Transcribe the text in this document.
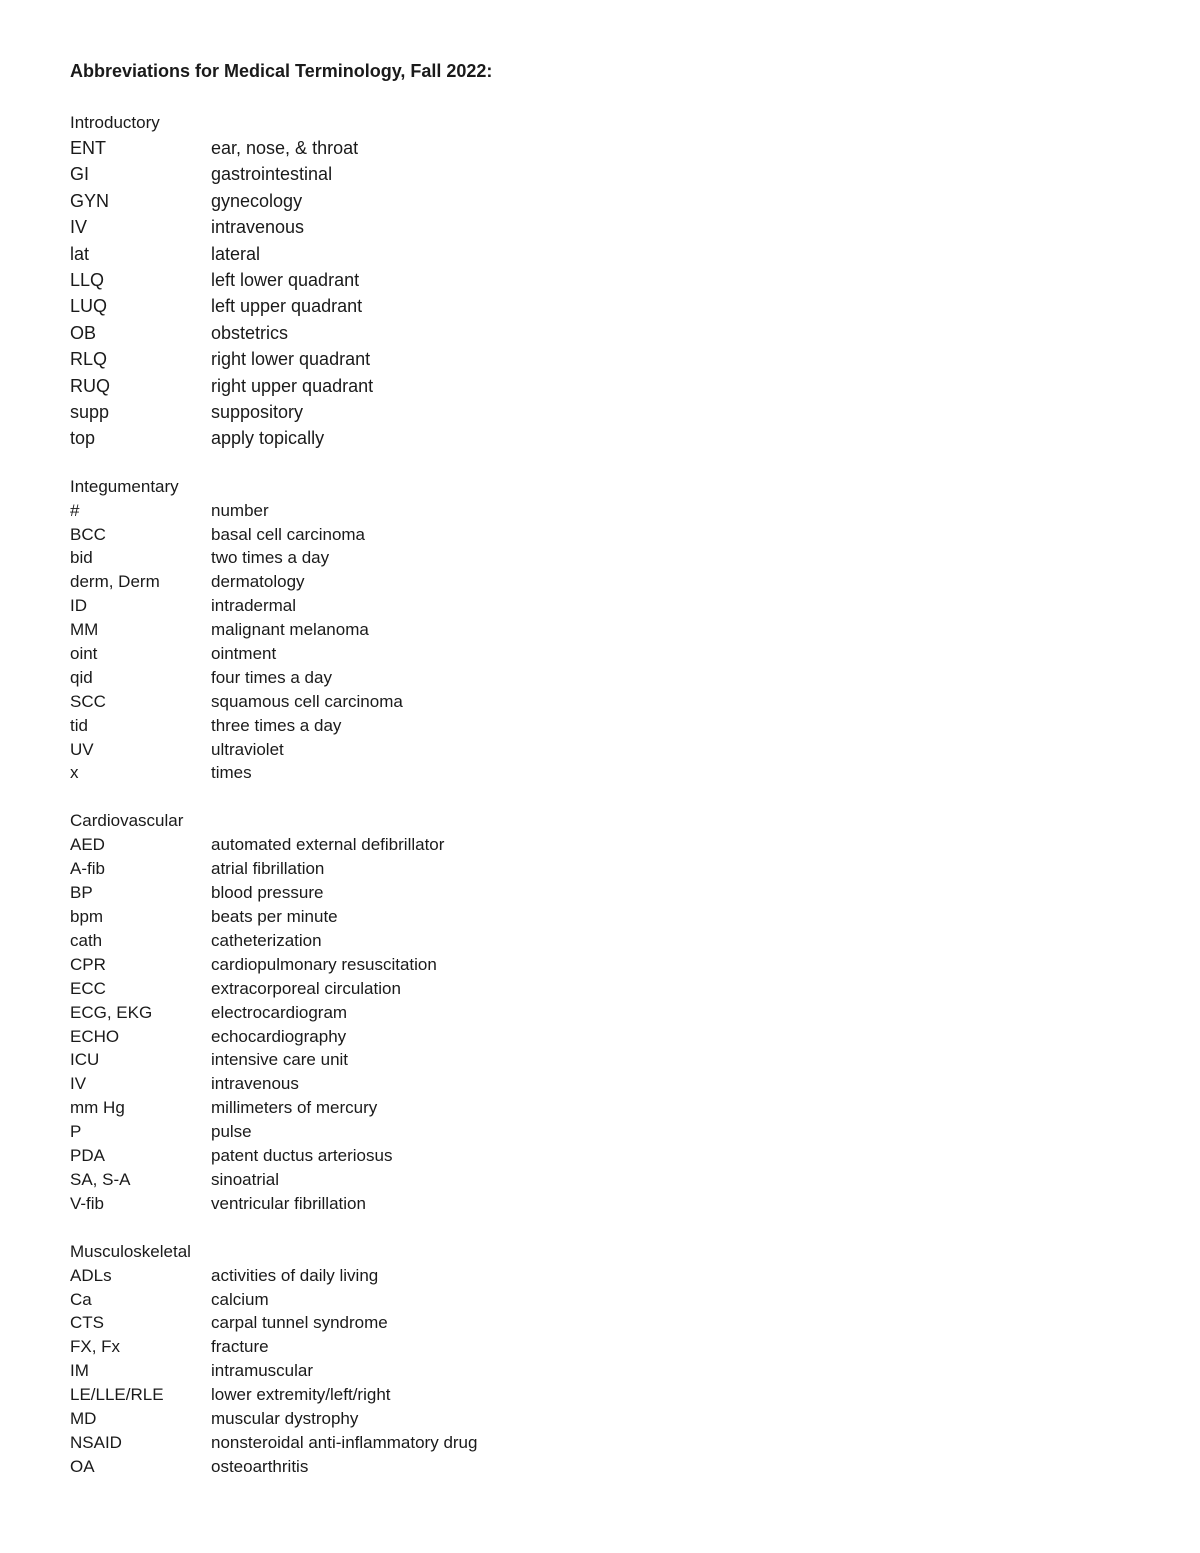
Abbreviations for Medical Terminology, Fall 2022:
Introductory
ENT	ear, nose, & throat
GI	gastrointestinal
GYN	gynecology
IV	intravenous
lat	lateral
LLQ	left lower quadrant
LUQ	left upper quadrant
OB	obstetrics
RLQ	right lower quadrant
RUQ	right upper quadrant
supp	suppository
top	apply topically
Integumentary
#	number
BCC	basal cell carcinoma
bid	two times a day
derm, Derm	dermatology
ID	intradermal
MM	malignant melanoma
oint	ointment
qid	four times a day
SCC	squamous cell carcinoma
tid	three times a day
UV	ultraviolet
x	times
Cardiovascular
AED	automated external defibrillator
A-fib	atrial fibrillation
BP	blood pressure
bpm	beats per minute
cath	catheterization
CPR	cardiopulmonary resuscitation
ECC	extracorporeal circulation
ECG, EKG	electrocardiogram
ECHO	echocardiography
ICU	intensive care unit
IV	intravenous
mm Hg	millimeters of mercury
P	pulse
PDA	patent ductus arteriosus
SA, S-A	sinoatrial
V-fib	ventricular fibrillation
Musculoskeletal
ADLs	activities of daily living
Ca	calcium
CTS	carpal tunnel syndrome
FX, Fx	fracture
IM	intramuscular
LE/LLE/RLE	lower extremity/left/right
MD	muscular dystrophy
NSAID	nonsteroidal anti-inflammatory drug
OA	osteoarthritis
